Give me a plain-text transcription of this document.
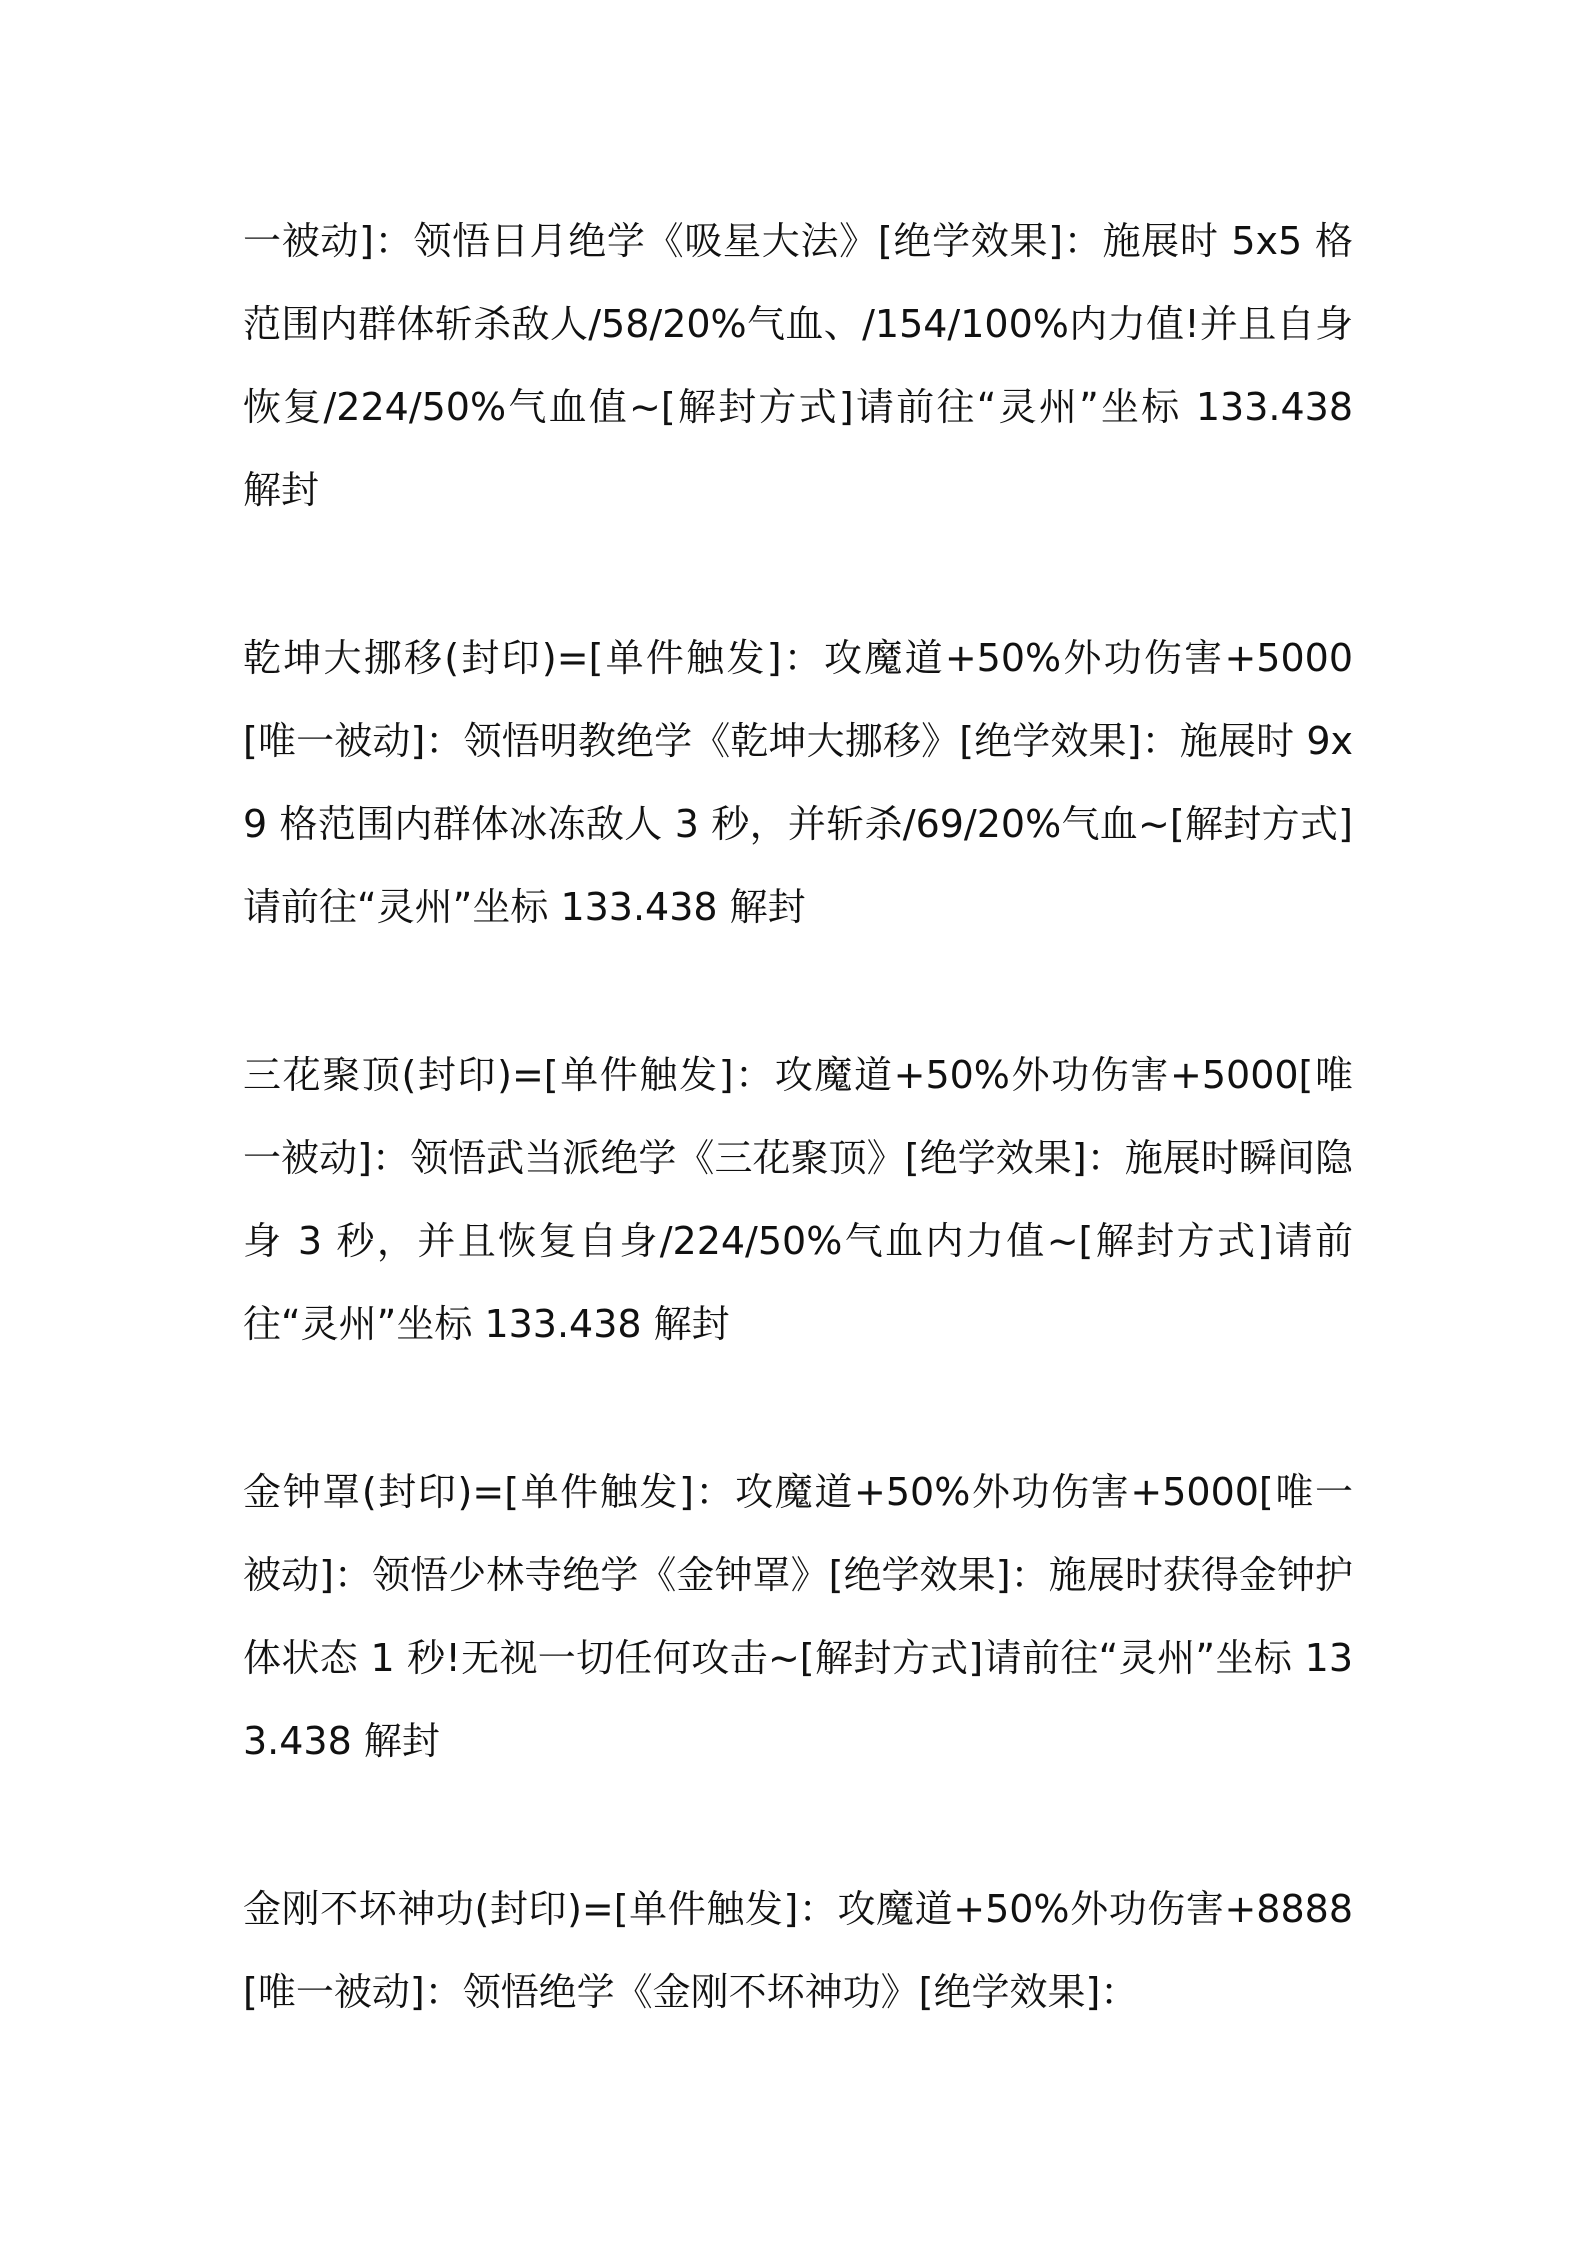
一被动]：领悟日月绝学《吸星大法》[绝学效果]：施展时 5x5 格范围内群体斩杀敌人/58/20%气血、/154/100%内力值!并且自身恢复/224/50%气血值~[解封方式]请前往“灵州”坐标 133.438 解封

乾坤大挪移(封印)=[单件触发]：攻魔道+50%外功伤害+5000[唯一被动]：领悟明教绝学《乾坤大挪移》[绝学效果]：施展时 9x9 格范围内群体冰冻敌人 3 秒，并斩杀/69/20%气血~[解封方式]请前往“灵州”坐标 133.438 解封

三花聚顶(封印)=[单件触发]：攻魔道+50%外功伤害+5000[唯一被动]：领悟武当派绝学《三花聚顶》[绝学效果]：施展时瞬间隐身 3 秒，并且恢复自身/224/50%气血内力值~[解封方式]请前往“灵州”坐标 133.438 解封

金钟罩(封印)=[单件触发]：攻魔道+50%外功伤害+5000[唯一被动]：领悟少林寺绝学《金钟罩》[绝学效果]：施展时获得金钟护体状态 1 秒!无视一切任何攻击~[解封方式]请前往“灵州”坐标 133.438 解封

金刚不坏神功(封印)=[单件触发]：攻魔道+50%外功伤害+8888[唯一被动]：领悟绝学《金刚不坏神功》[绝学效果]：
